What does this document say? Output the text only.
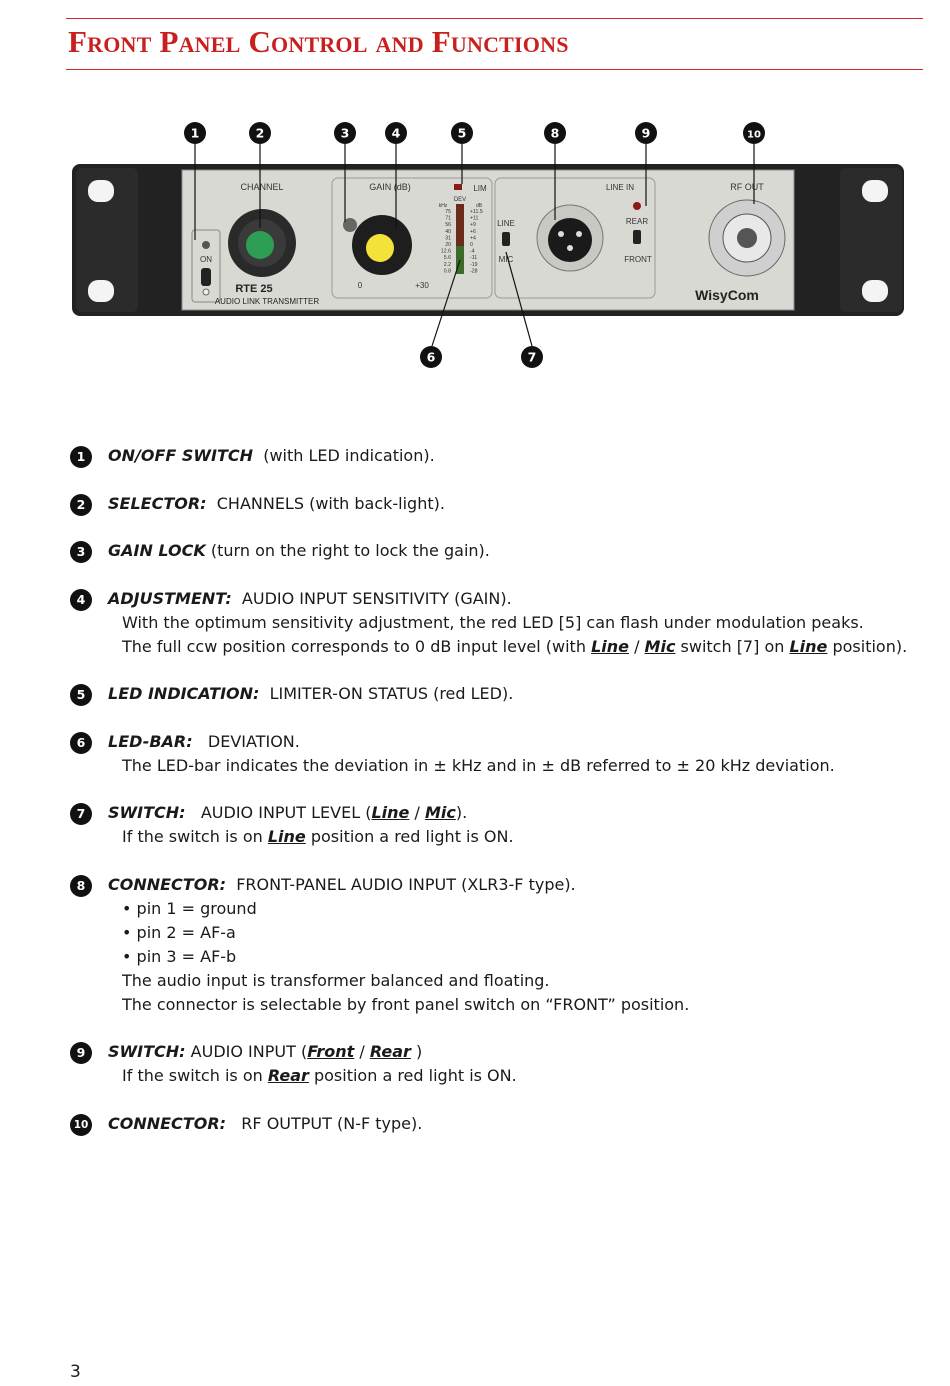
Front Panel Control and Functions
ON
CHANNEL
RTE 25
AUDIO LINK TRANSMITTER
GAIN (dB)
0	+30
LIM
DEV
kHz	dB
75
71
56
40
31
20
12.6
5.6
2.2
0.8
+11.5
+11
+9
+6
+4
0
-4
-11
-19
-28
LINE
MIC
LINE IN
REAR
FRONT
RF OUT
WisyCom
1	2	3	4	5	8	9	10
6	7
1	ON/OFF SWITCH (with LED indication).
2	SELECTOR: CHANNELS (with back-light).
3	GAIN LOCK (turn on the right to lock the gain).
4	ADJUSTMENT: AUDIO INPUT SENSITIVITY (GAIN).
With the optimum sensitivity adjustment, the red LED [5] can flash under modulation peaks.
The full ccw position corresponds to 0 dB input level (with Line / Mic switch [7] on Line position).
5	LED INDICATION: LIMITER-ON STATUS (red LED).
6	LED-BAR: DEVIATION.
The LED-bar indicates the deviation in ± kHz and in ± dB referred to ± 20 kHz deviation.
7	SWITCH: AUDIO INPUT LEVEL (Line / Mic).
If the switch is on Line position a red light is ON.
8	CONNECTOR: FRONT-PANEL AUDIO INPUT (XLR3-F type).
• pin 1 = ground
• pin 2 = AF-a
• pin 3 = AF-b
The audio input is transformer balanced and floating.
The connector is selectable by front panel switch on “FRONT” position.
9	SWITCH: AUDIO INPUT (Front / Rear )
If the switch is on Rear position a red light is ON.
10 CONNECTOR: RF OUTPUT (N-F type).
3
